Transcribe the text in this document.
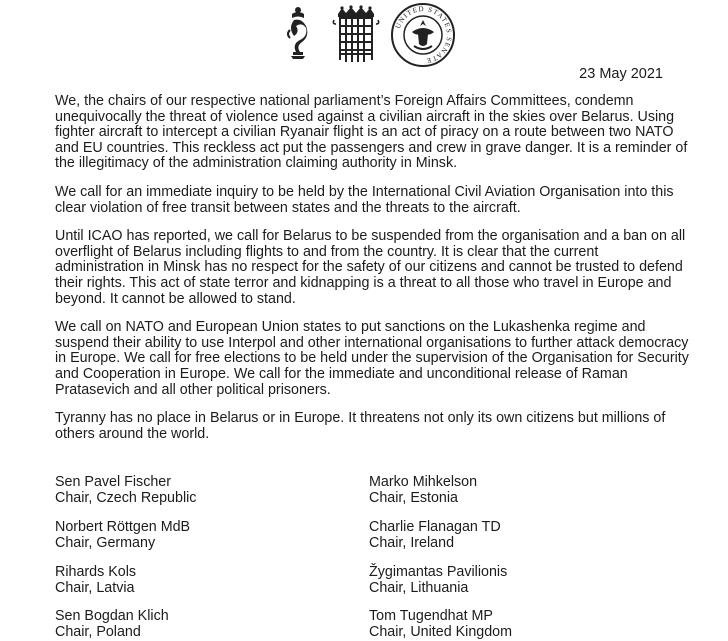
UNITED STATES SENATE
23 May 2021

We, the chairs of our respective national parliament’s Foreign Affairs Committees, condemn unequivocally the threat of violence used against a civilian aircraft in the skies over Belarus. Using fighter aircraft to intercept a civilian Ryanair flight is an act of piracy on a route between two NATO and EU countries. This reckless act put the passengers and crew in grave danger. It is a reminder of the illegitimacy of the administration claiming authority in Minsk.

We call for an immediate inquiry to be held by the International Civil Aviation Organisation into this clear violation of free transit between states and the threats to the aircraft.

Until ICAO has reported, we call for Belarus to be suspended from the organisation and a ban on all overflight of Belarus including flights to and from the country. It is clear that the current administration in Minsk has no respect for the safety of our citizens and cannot be trusted to defend their rights. This act of state terror and kidnapping is a threat to all those who travel in Europe and beyond. It cannot be allowed to stand.

We call on NATO and European Union states to put sanctions on the Lukashenka regime and suspend their ability to use Interpol and other international organisations to further attack democracy in Europe. We call for free elections to be held under the supervision of the Organisation for Security and Cooperation in Europe. We call for the immediate and unconditional release of Raman Pratasevich and all other political prisoners.

Tyranny has no place in Belarus or in Europe. It threatens not only its own citizens but millions of others around the world.

Sen Pavel Fischer
Chair, Czech Republic
Marko Mihkelson
Chair, Estonia
Norbert Röttgen MdB
Chair, Germany
Charlie Flanagan TD
Chair, Ireland
Rihards Kols
Chair, Latvia
Žygimantas Pavilionis
Chair, Lithuania
Sen Bogdan Klich
Chair, Poland
Tom Tugendhat MP
Chair, United Kingdom
